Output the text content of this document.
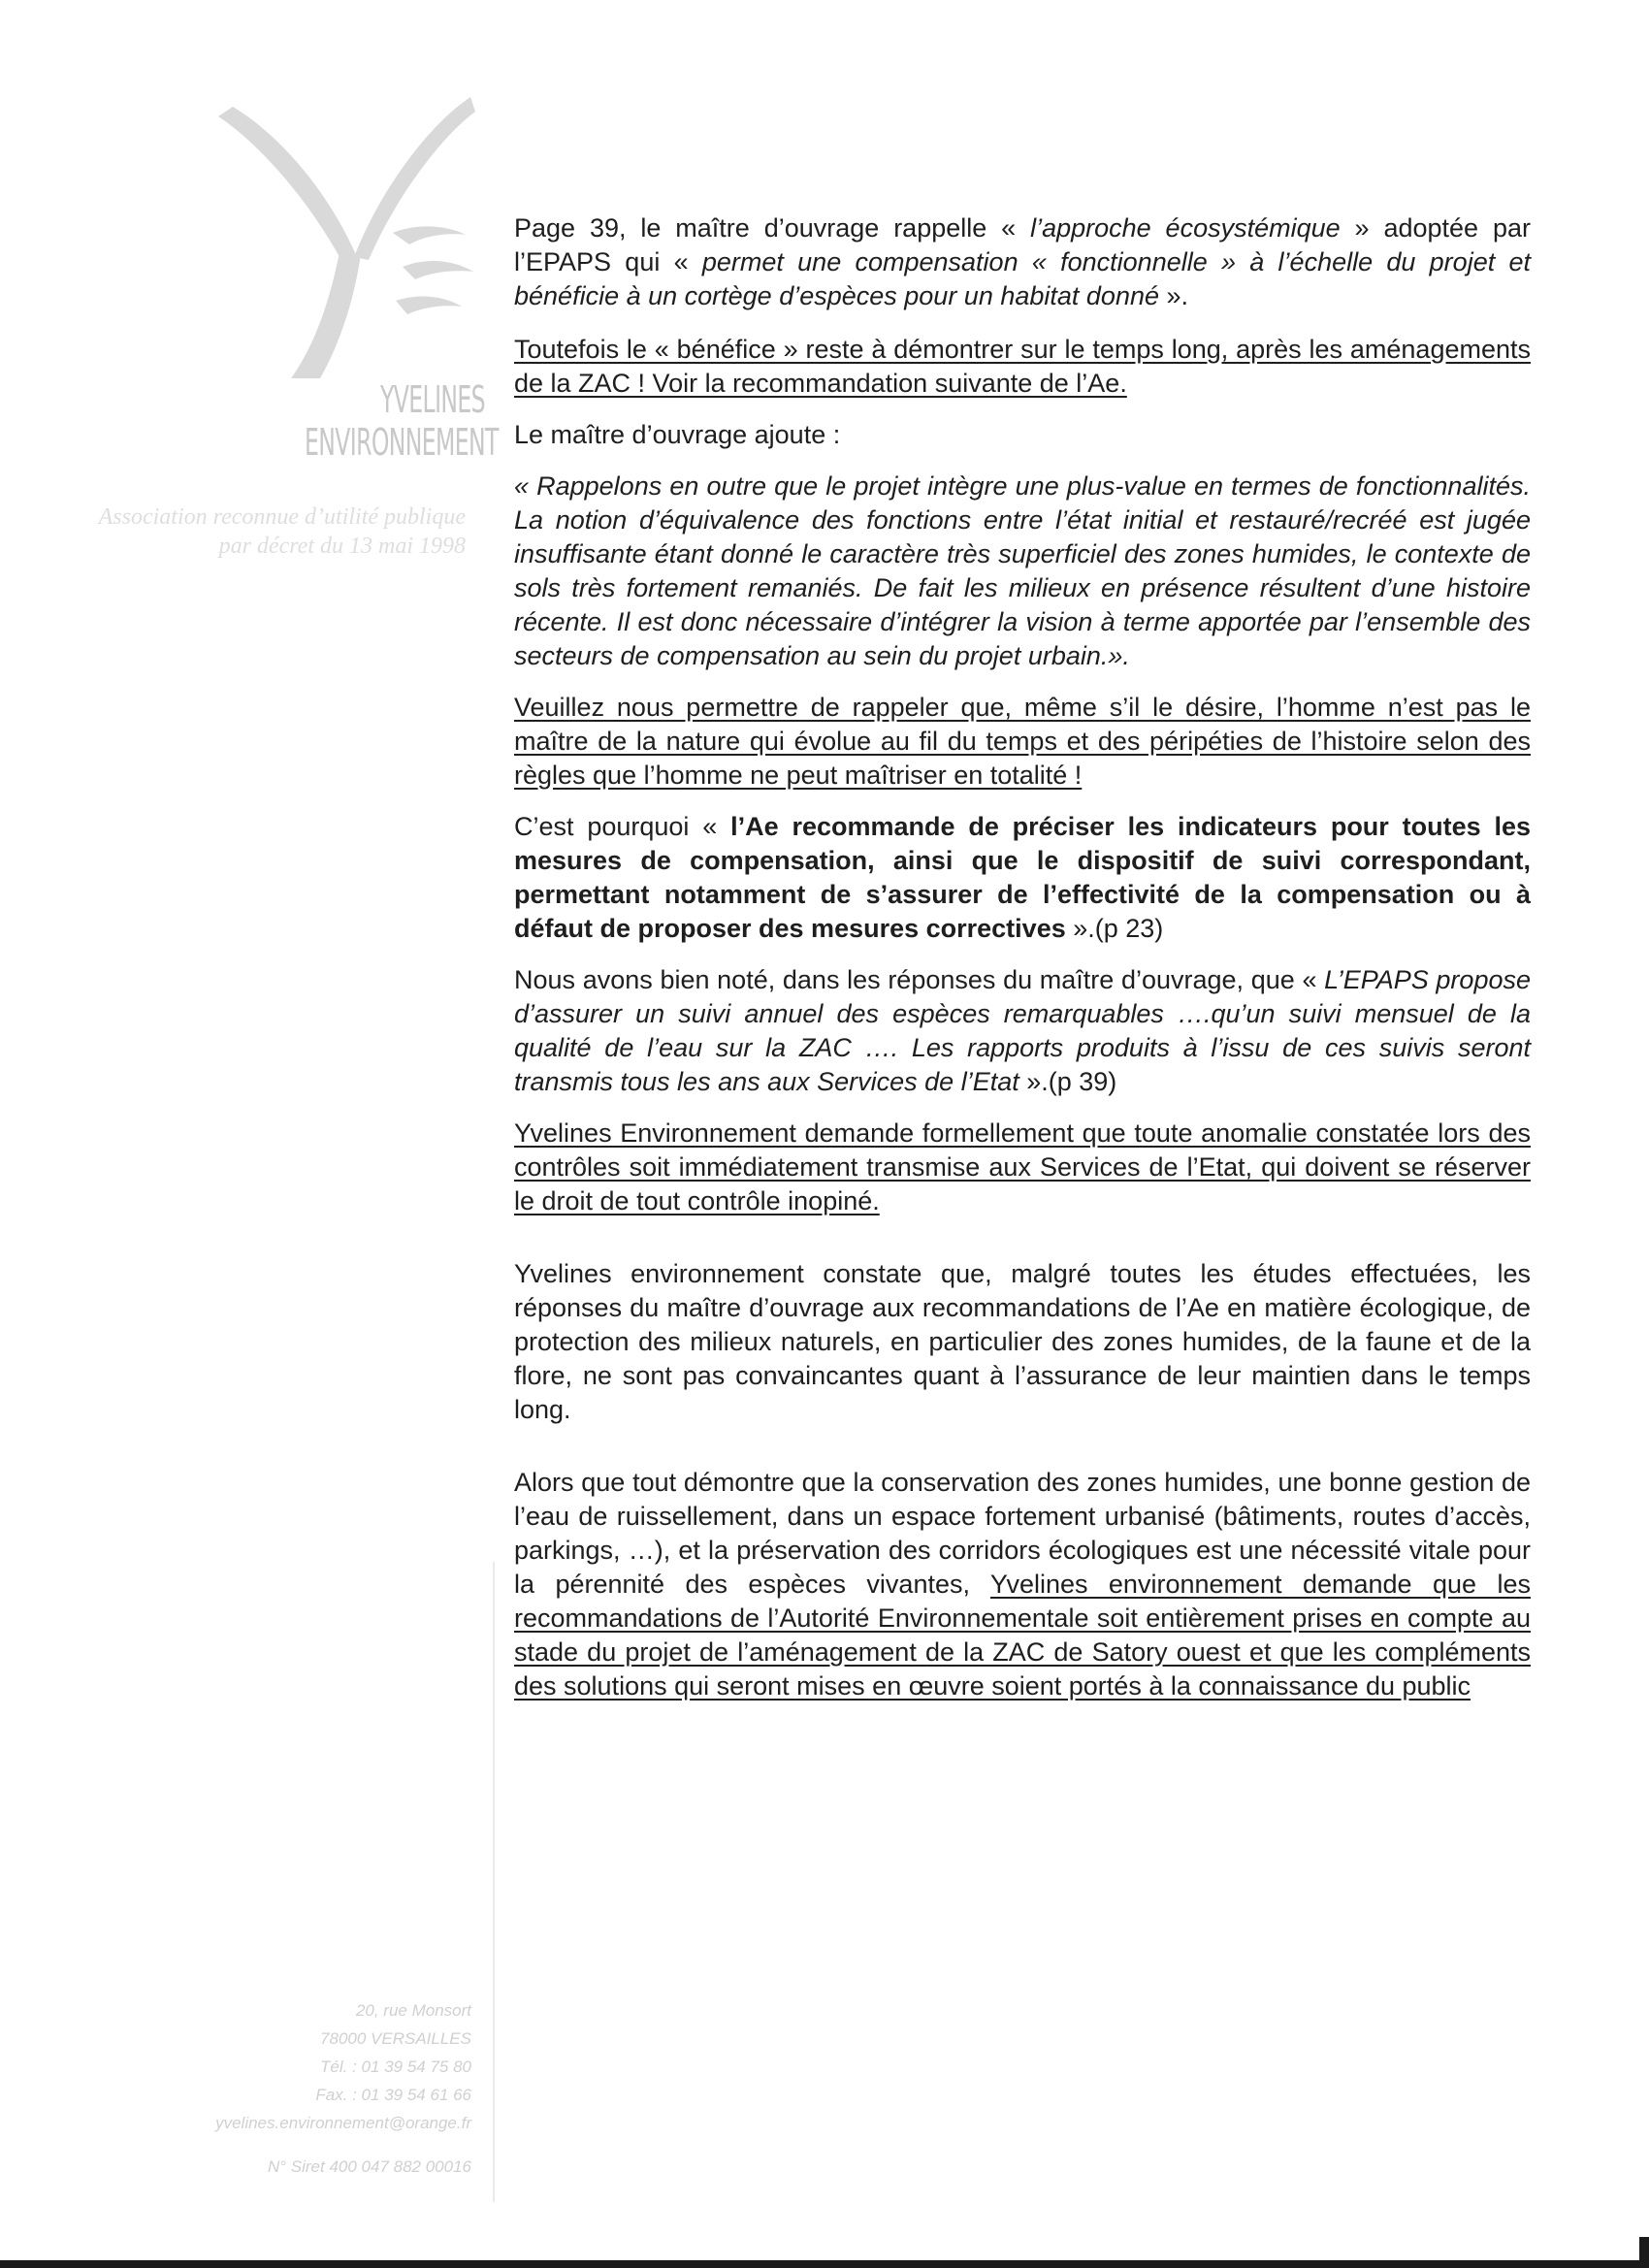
YVELINES
ENVIRONNEMENT
Association reconnue d’utilité publique
par décret du 13 mai 1998
20, rue Monsort
78000 VERSAILLES
Tél. : 01 39 54 75 80
Fax. : 01 39 54 61 66
yvelines.environnement@orange.fr
N° Siret 400 047 882 00016

Page 39, le maître d’ouvrage rappelle « l’approche écosystémique » adoptée par l’EPAPS qui « permet une compensation « fonctionnelle » à l’échelle du projet et bénéficie à un cortège d’espèces pour un habitat donné ».

Toutefois le « bénéfice » reste à démontrer sur le temps long, après les aménagements de la ZAC ! Voir la recommandation suivante de l’Ae.

Le maître d’ouvrage ajoute :

« Rappelons en outre que le projet intègre une plus-value en termes de fonctionnalités. La notion d’équivalence des fonctions entre l’état initial et restauré/recréé est jugée insuffisante étant donné le caractère très superficiel des zones humides, le contexte de sols très fortement remaniés. De fait les milieux en présence résultent d’une histoire récente. Il est donc nécessaire d’intégrer la vision à terme apportée par l’ensemble des secteurs de compensation au sein du projet urbain.».

Veuillez nous permettre de rappeler que, même s’il le désire, l’homme n’est pas le maître de la nature qui évolue au fil du temps et des péripéties de l’histoire selon des règles que l’homme ne peut maîtriser en totalité !

C’est pourquoi « l’Ae recommande de préciser les indicateurs pour toutes les mesures de compensation, ainsi que le dispositif de suivi correspondant, permettant notamment de s’assurer de l’effectivité de la compensation ou à défaut de proposer des mesures correctives ».(p 23)

Nous avons bien noté, dans les réponses du maître d’ouvrage, que « L’EPAPS propose d’assurer un suivi annuel des espèces remarquables ….qu’un suivi mensuel de la qualité de l’eau sur la ZAC …. Les rapports produits à l’issu de ces suivis seront transmis tous les ans aux Services de l’Etat ».(p 39)

Yvelines Environnement demande formellement que toute anomalie constatée lors des contrôles soit immédiatement transmise aux Services de l’Etat, qui doivent se réserver le droit de tout contrôle inopiné.

Yvelines environnement constate que, malgré toutes les études effectuées, les réponses du maître d’ouvrage aux recommandations de l’Ae en matière écologique, de protection des milieux naturels, en particulier des zones humides, de la faune et de la flore, ne sont pas convaincantes quant à l’assurance de leur maintien dans le temps long.

Alors que tout démontre que la conservation des zones humides, une bonne gestion de l’eau de ruissellement, dans un espace fortement urbanisé (bâtiments, routes d’accès, parkings, …), et la préservation des corridors écologiques est une nécessité vitale pour la pérennité des espèces vivantes, Yvelines environnement demande que les recommandations de l’Autorité Environnementale soit entièrement prises en compte au stade du projet de l’aménagement de la ZAC de Satory ouest et que les compléments des solutions qui seront mises en œuvre soient portés à la connaissance du public
